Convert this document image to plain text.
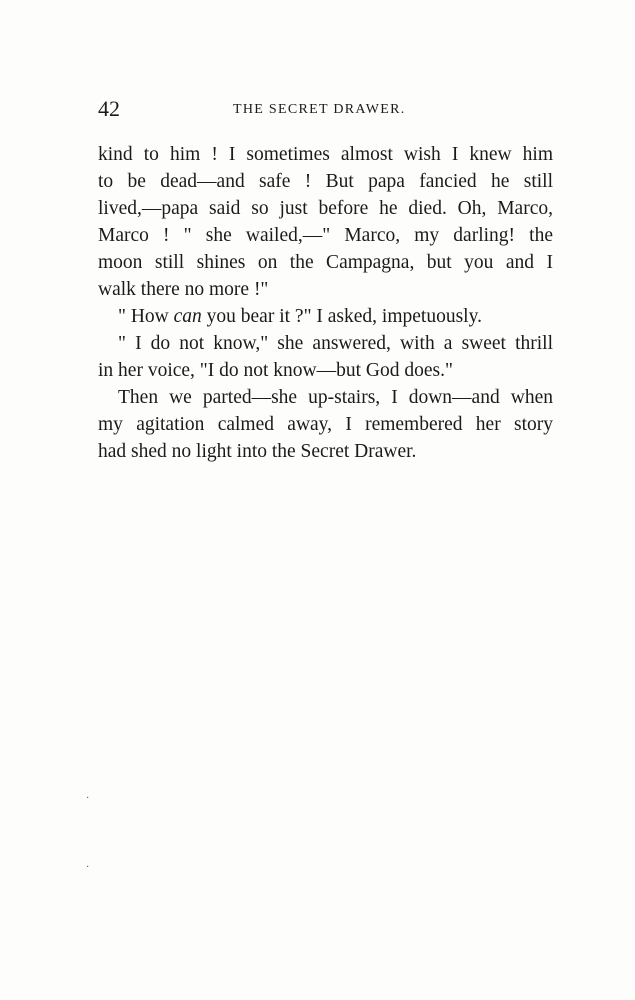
42	THE SECRET DRAWER.
kind to him ! I sometimes almost wish I knew him
to be dead—and safe ! But papa fancied he still
lived,—papa said so just before he died. Oh, Marco,
Marco ! " she wailed,—" Marco, my darling! the
moon still shines on the Campagna, but you and I
walk there no more !"
" How can you bear it ?" I asked, impetuously.
" I do not know," she answered, with a sweet thrill
in her voice, "I do not know—but God does."
Then we parted—she up-stairs, I down—and when
my agitation calmed away, I remembered her story
had shed no light into the Secret Drawer.
·
·
